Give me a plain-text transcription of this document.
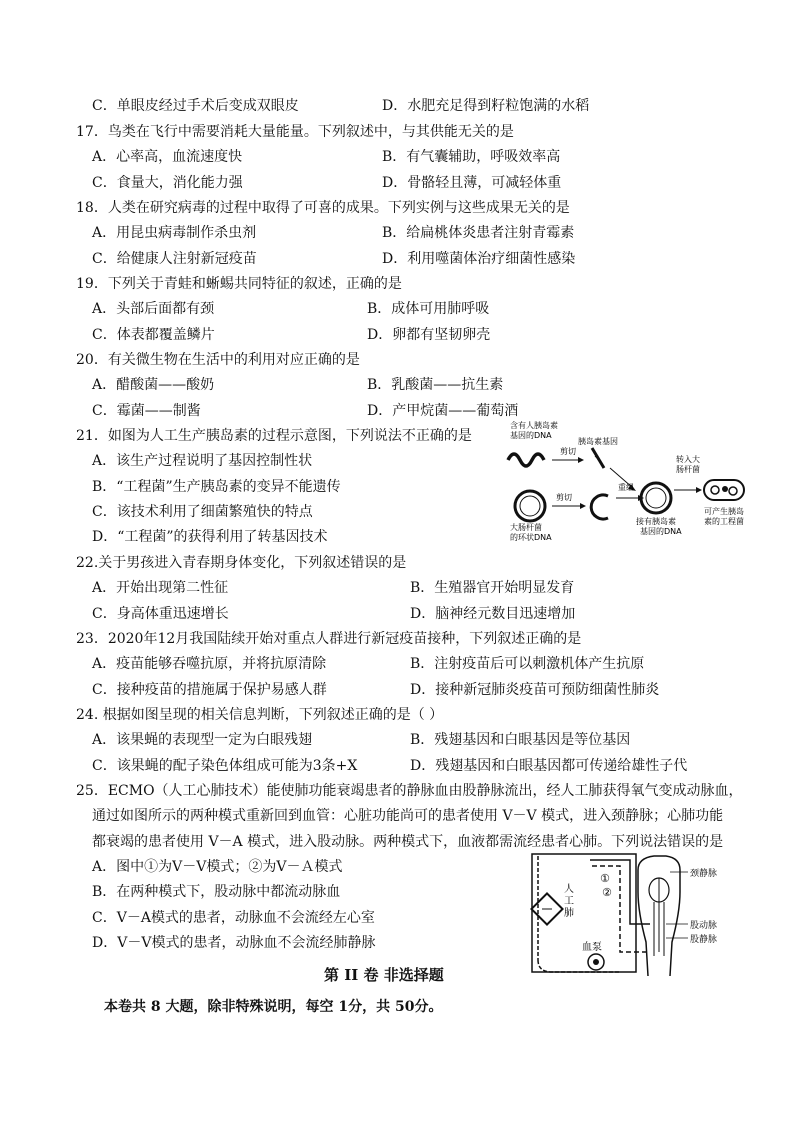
C．单眼皮经过手术后变成双眼皮	D．水肥充足得到籽粒饱满的水稻
17．鸟类在飞行中需要消耗大量能量。下列叙述中，与其供能无关的是
A．心率高，血流速度快	B．有气囊辅助，呼吸效率高
C．食量大，消化能力强	D．骨骼轻且薄，可减轻体重
18．人类在研究病毒的过程中取得了可喜的成果。下列实例与这些成果无关的是
A．用昆虫病毒制作杀虫剂	B．给扁桃体炎患者注射青霉素
C．给健康人注射新冠疫苗	D．利用噬菌体治疗细菌性感染
19．下列关于青蛙和蜥蜴共同特征的叙述，正确的是
A．头部后面都有颈	B．成体可用肺呼吸
C．体表都覆盖鳞片	D．卵都有坚韧卵壳
20．有关微生物在生活中的利用对应正确的是
A．醋酸菌——酸奶	B．乳酸菌——抗生素
C．霉菌——制酱	D．产甲烷菌——葡萄酒
21．如图为人工生产胰岛素的过程示意图，下列说法不正确的是
A．该生产过程说明了基因控制性状
B．“工程菌”生产胰岛素的变异不能遗传
C．该技术利用了细菌繁殖快的特点
D．“工程菌”的获得利用了转基因技术
含有人胰岛素基因的DNA
胰岛素基因
剪切
剪切
重组
转入大肠杆菌
大肠杆菌的环状DNA
接有胰岛素基因的DNA
可产生胰岛素的工程菌
22.关于男孩进入青春期身体变化，下列叙述错误的是
A．开始出现第二性征	B．生殖器官开始明显发育
C．身高体重迅速增长	D．脑神经元数目迅速增加
23．2020年12月我国陆续开始对重点人群进行新冠疫苗接种，下列叙述正确的是
A．疫苗能够吞噬抗原，并将抗原清除	B．注射疫苗后可以刺激机体产生抗原
C．接种疫苗的措施属于保护易感人群	D．接种新冠肺炎疫苗可预防细菌性肺炎
24. 根据如图呈现的相关信息判断，下列叙述正确的是（ ）
A．该果蝇的表现型一定为白眼残翅	B．残翅基因和白眼基因是等位基因
C．该果蝇的配子染色体组成可能为3条+X	D．残翅基因和白眼基因都可传递给雄性子代
25．ECMO（人工心肺技术）能使肺功能衰竭患者的静脉血由股静脉流出，经人工肺获得氧气变成动脉血，
通过如图所示的两种模式重新回到血管：心脏功能尚可的患者使用 V－V 模式，进入颈静脉；心肺功能
都衰竭的患者使用 V－A 模式，进入股动脉。两种模式下，血液都需流经患者心肺。下列说法错误的是
A．图中①为Ⅴ－Ⅴ模式；②为Ⅴ－Ａ模式
B．在两种模式下，股动脉中都流动脉血
C．Ⅴ－A模式的患者，动脉血不会流经左心室
D．Ⅴ－Ⅴ模式的患者，动脉血不会流经肺静脉
①
②
人工肺
血泵
颈静脉
股动脉
股静脉
第 II 卷 非选择题
本卷共 8 大题，除非特殊说明，每空 1分，共 50分。
